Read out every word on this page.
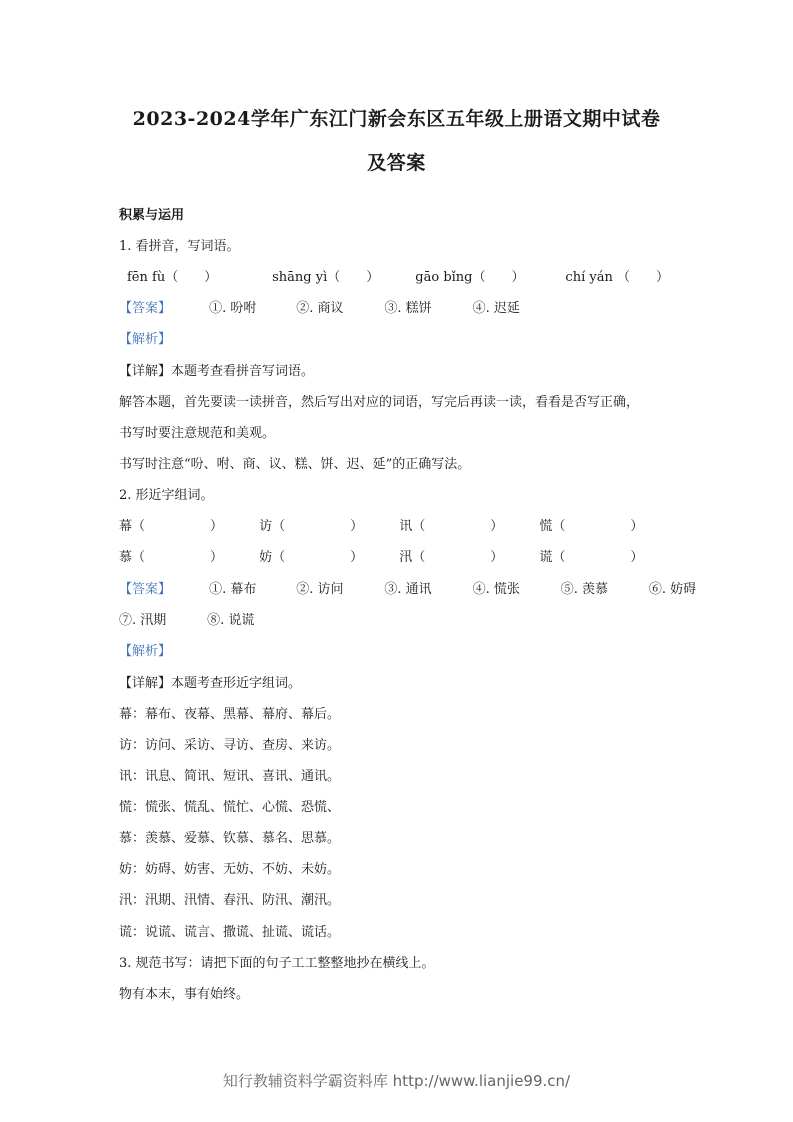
2023-2024学年广东江门新会东区五年级上册语文期中试卷
及答案
积累与运用
1. 看拼音，写词语。
fēn fù（　　）	shāng yì（　　）	gāo bǐng（　　）	chí yán （　　）
【答案】	①. 吩咐	②. 商议	③. 糕饼	④. 迟延
【解析】
【详解】本题考查看拼音写词语。
解答本题，首先要读一读拼音，然后写出对应的词语，写完后再读一读，看看是否写正确，
书写时要注意规范和美观。
书写时注意“吩、咐、商、议、糕、饼、迟、延”的正确写法。
2. 形近字组词。
幕（　　　　　）	访（　　　　　）	讯（　　　　　）	慌（　　　　　）
慕（　　　　　）	妨（　　　　　）	汛（　　　　　）	谎（　　　　　）
【答案】	①. 幕布	②. 访问	③. 通讯	④. 慌张	⑤. 羡慕	⑥. 妨碍
⑦. 汛期	⑧. 说谎
【解析】
【详解】本题考查形近字组词。
幕：幕布、夜幕、黑幕、幕府、幕后。
访：访问、采访、寻访、查房、来访。
讯：讯息、简讯、短讯、喜讯、通讯。
慌：慌张、慌乱、慌忙、心慌、恐慌、
慕：羡慕、爱慕、钦慕、慕名、思慕。
妨：妨碍、妨害、无妨、不妨、未妨。
汛：汛期、汛情、春汛、防汛、潮汛。
谎：说谎、谎言、撒谎、扯谎、谎话。
3. 规范书写：请把下面的句子工工整整地抄在横线上。
物有本末，事有始终。
知行教辅资料学霸资料库 http://www.lianjie99.cn/
